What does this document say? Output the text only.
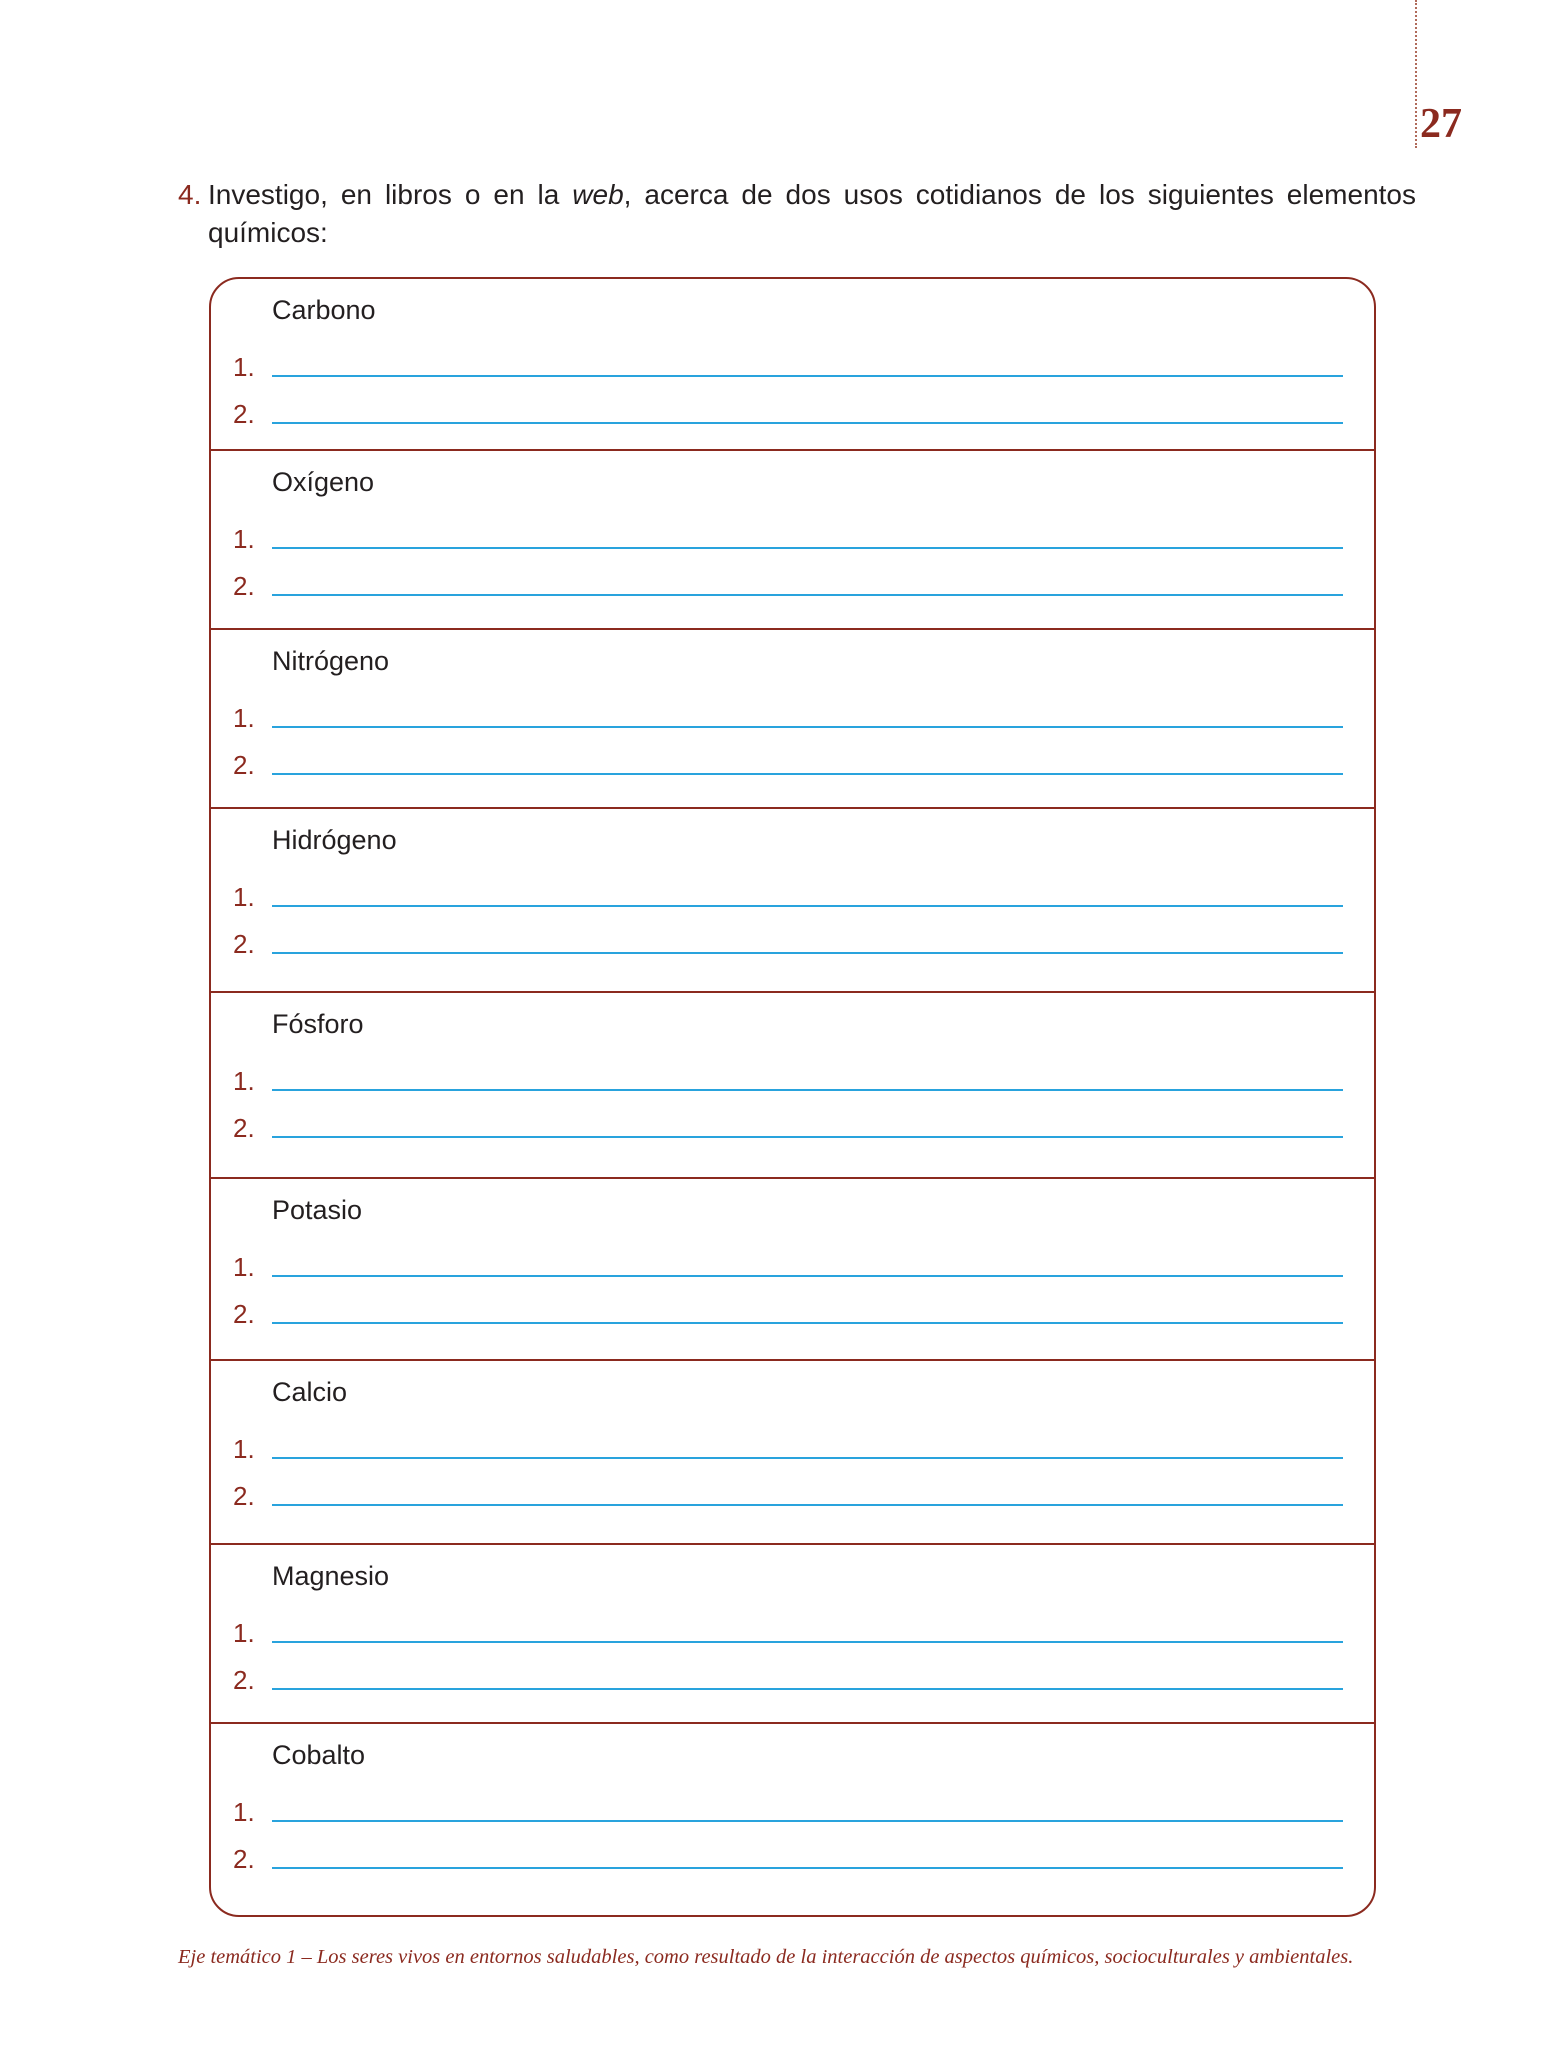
27
4. Investigo, en libros o en la web, acerca de dos usos cotidianos de los siguientes elementos
químicos:
Carbono
1.
2.
Oxígeno
1.
2.
Nitrógeno
1.
2.
Hidrógeno
1.
2.
Fósforo
1.
2.
Potasio
1.
2.
Calcio
1.
2.
Magnesio
1.
2.
Cobalto
1.
2.
Eje temático 1 – Los seres vivos en entornos saludables, como resultado de la interacción de aspectos químicos, socioculturales y ambientales.
